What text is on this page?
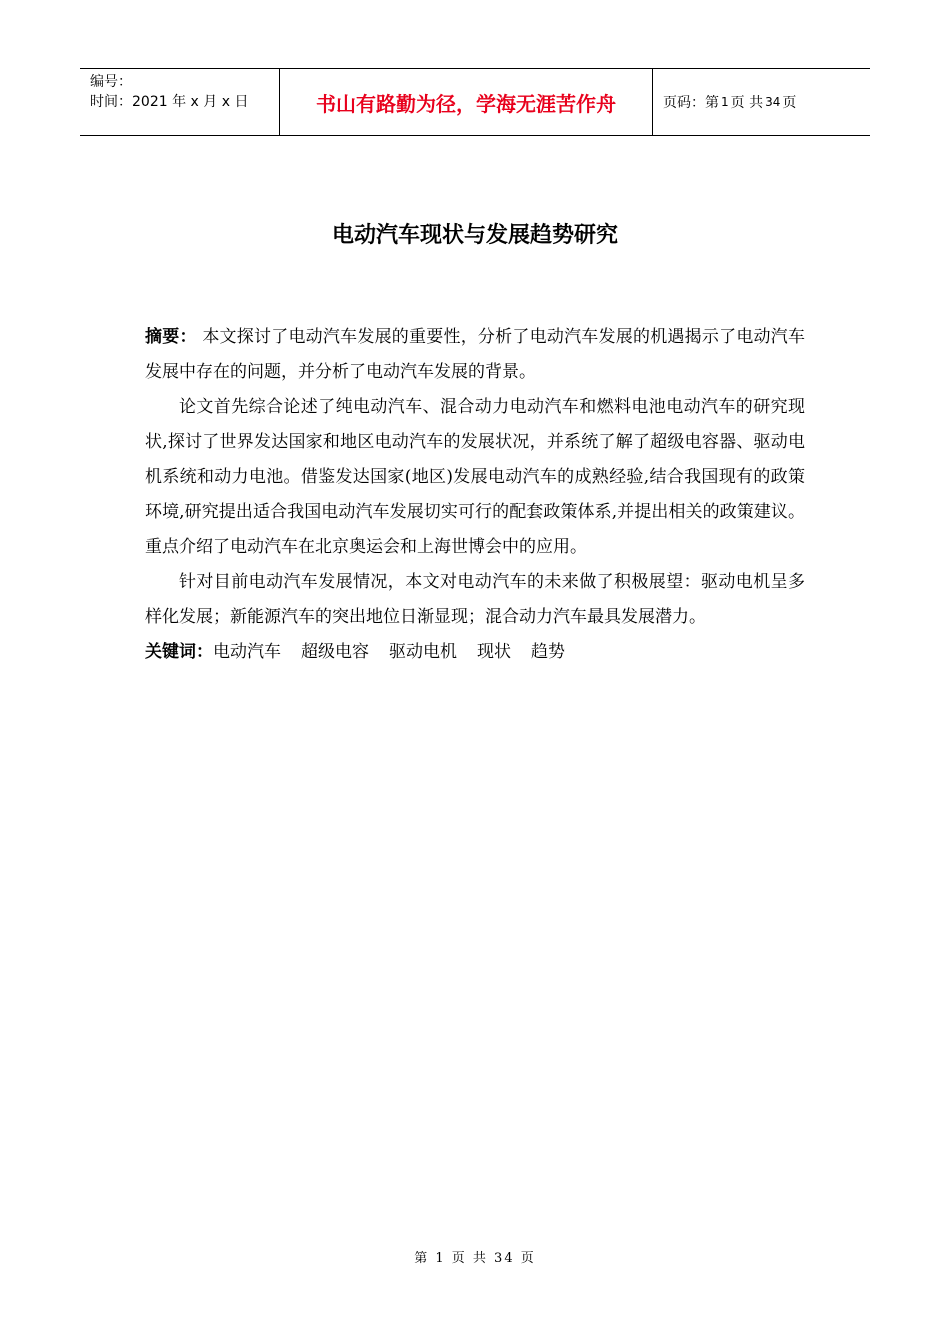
编号：
时间：2021 年 x 月 x 日	书山有路勤为径，学海无涯苦作舟	页码：第 1 页 共 34 页
电动汽车现状与发展趋势研究

摘要： 本文探讨了电动汽车发展的重要性，分析了电动汽车发展的机遇揭示了电动汽车发展中存在的问题，并分析了电动汽车发展的背景。

论文首先综合论述了纯电动汽车、混合动力电动汽车和燃料电池电动汽车的研究现状,探讨了世界发达国家和地区电动汽车的发展状况，并系统了解了超级电容器、驱动电机系统和动力电池。借鉴发达国家(地区)发展电动汽车的成熟经验,结合我国现有的政策环境,研究提出适合我国电动汽车发展切实可行的配套政策体系,并提出相关的政策建议。重点介绍了电动汽车在北京奥运会和上海世博会中的应用。

针对目前电动汽车发展情况，本文对电动汽车的未来做了积极展望：驱动电机呈多样化发展；新能源汽车的突出地位日渐显现；混合动力汽车最具发展潜力。

关键词：电动汽车 超级电容 驱动电机 现状 趋势

第 1 页 共 34 页
